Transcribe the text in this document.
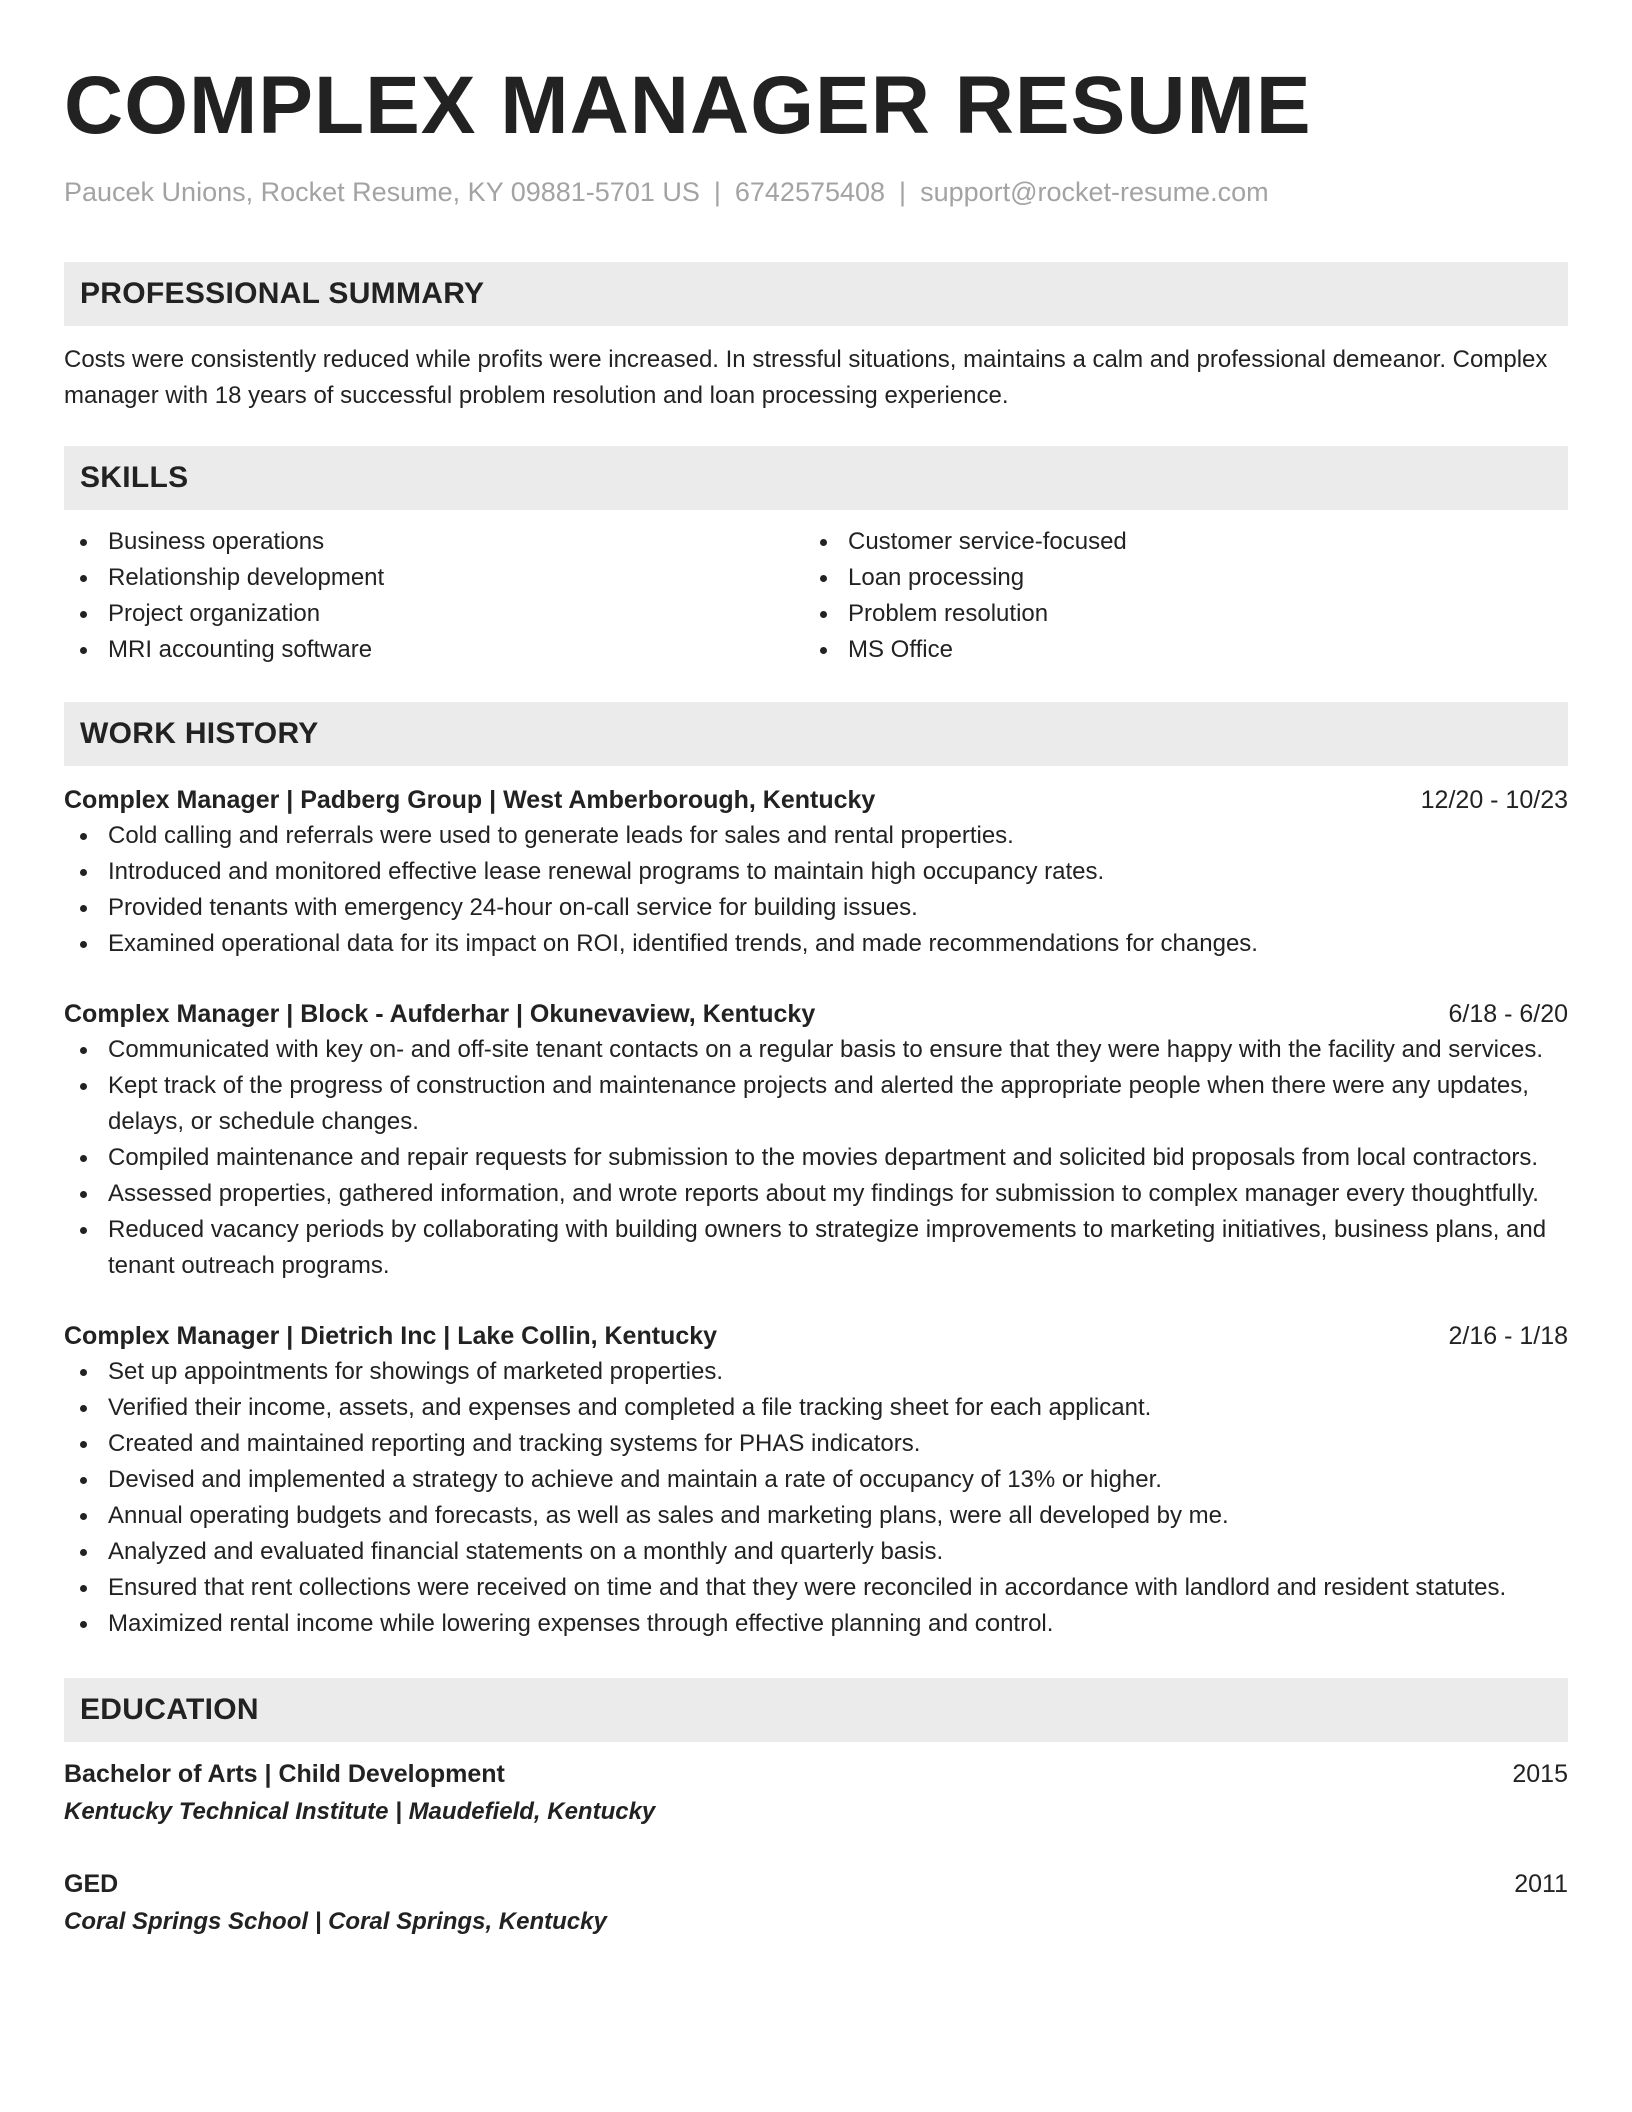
COMPLEX MANAGER RESUME
Paucek Unions, Rocket Resume, KY 09881-5701 US | 6742575408 | support@rocket-resume.com
PROFESSIONAL SUMMARY
Costs were consistently reduced while profits were increased. In stressful situations, maintains a calm and professional demeanor. Complex manager with 18 years of successful problem resolution and loan processing experience.
SKILLS
Business operations
Relationship development
Project organization
MRI accounting software
Customer service-focused
Loan processing
Problem resolution
MS Office
WORK HISTORY
Complex Manager | Padberg Group | West Amberborough, Kentucky	12/20 - 10/23
Cold calling and referrals were used to generate leads for sales and rental properties.
Introduced and monitored effective lease renewal programs to maintain high occupancy rates.
Provided tenants with emergency 24-hour on-call service for building issues.
Examined operational data for its impact on ROI, identified trends, and made recommendations for changes.
Complex Manager | Block - Aufderhar | Okunevaview, Kentucky	6/18 - 6/20
Communicated with key on- and off-site tenant contacts on a regular basis to ensure that they were happy with the facility and services.
Kept track of the progress of construction and maintenance projects and alerted the appropriate people when there were any updates, delays, or schedule changes.
Compiled maintenance and repair requests for submission to the movies department and solicited bid proposals from local contractors.
Assessed properties, gathered information, and wrote reports about my findings for submission to complex manager every thoughtfully.
Reduced vacancy periods by collaborating with building owners to strategize improvements to marketing initiatives, business plans, and tenant outreach programs.
Complex Manager | Dietrich Inc | Lake Collin, Kentucky	2/16 - 1/18
Set up appointments for showings of marketed properties.
Verified their income, assets, and expenses and completed a file tracking sheet for each applicant.
Created and maintained reporting and tracking systems for PHAS indicators.
Devised and implemented a strategy to achieve and maintain a rate of occupancy of 13% or higher.
Annual operating budgets and forecasts, as well as sales and marketing plans, were all developed by me.
Analyzed and evaluated financial statements on a monthly and quarterly basis.
Ensured that rent collections were received on time and that they were reconciled in accordance with landlord and resident statutes.
Maximized rental income while lowering expenses through effective planning and control.
EDUCATION
Bachelor of Arts | Child Development	2015
Kentucky Technical Institute | Maudefield, Kentucky
GED	2011
Coral Springs School | Coral Springs, Kentucky
